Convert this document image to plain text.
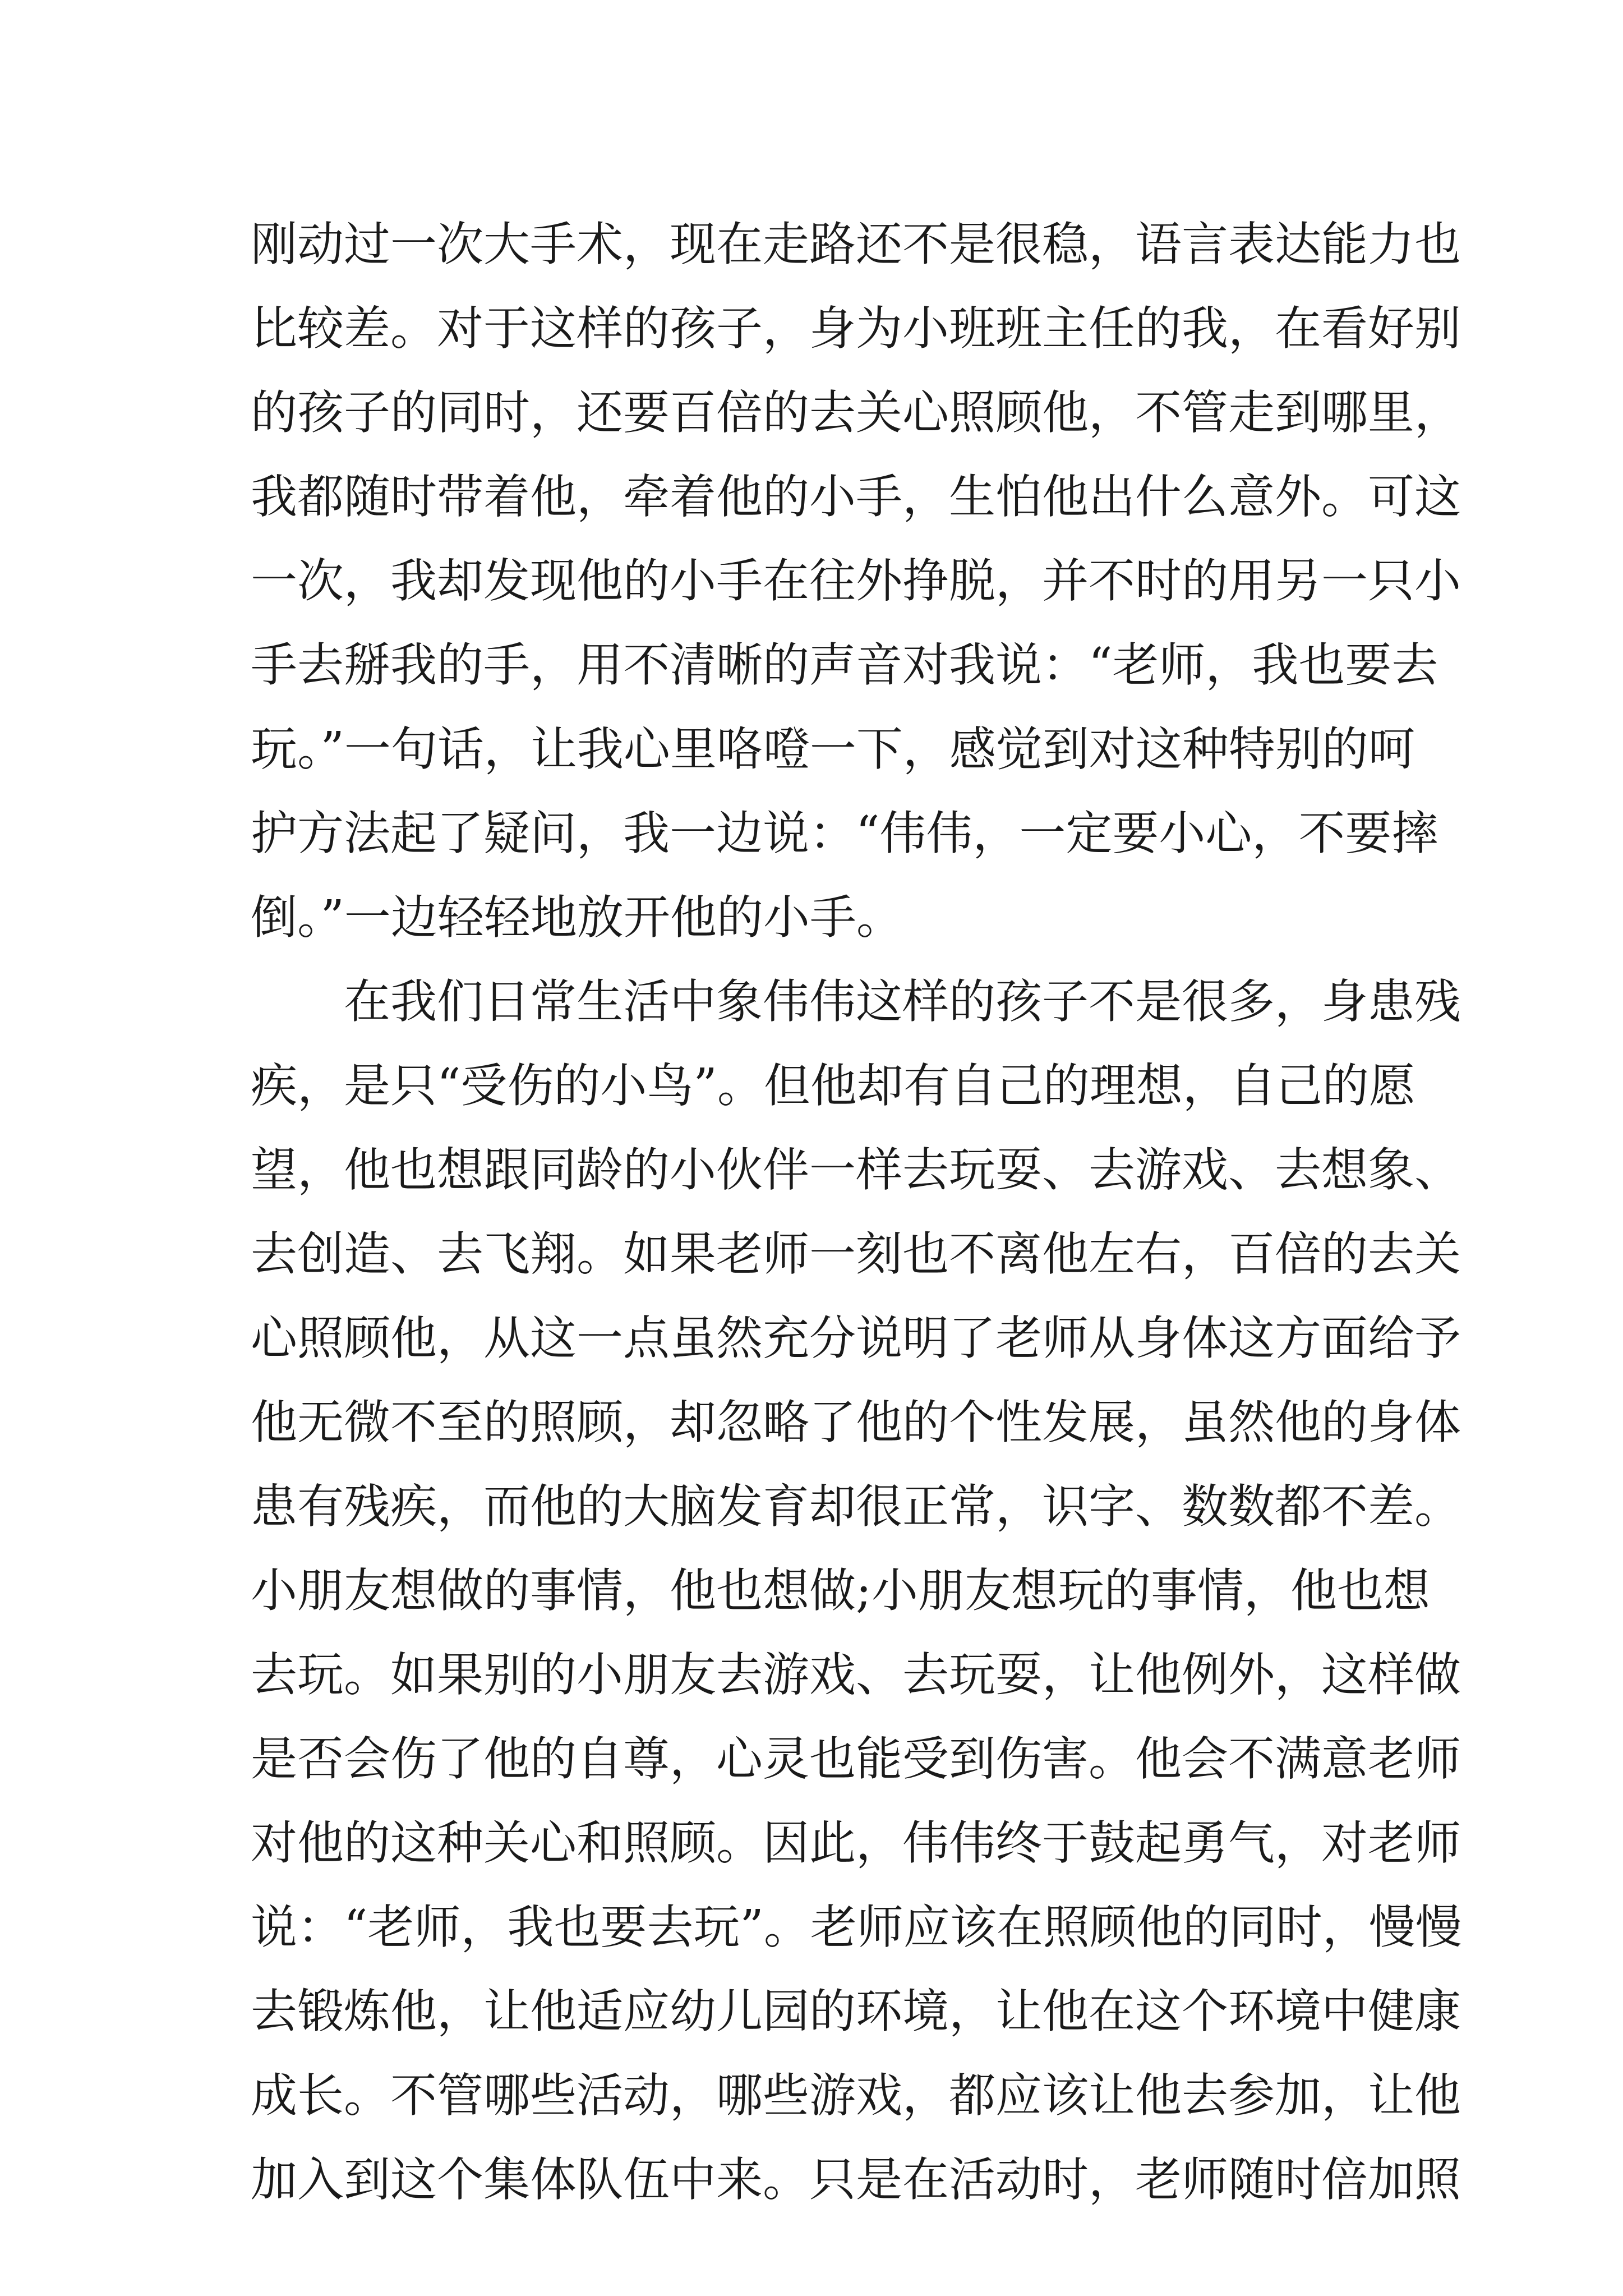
刚动过一次大手术，现在走路还不是很稳，语言表达能力也
比较差。对于这样的孩子，身为小班班主任的我，在看好别
的孩子的同时，还要百倍的去关心照顾他，不管走到哪里，
我都随时带着他，牵着他的小手，生怕他出什么意外。可这
一次，我却发现他的小手在往外挣脱，并不时的用另一只小
手去掰我的手，用不清晰的声音对我说：“老师，我也要去
玩。”一句话，让我心里咯噔一下，感觉到对这种特别的呵
护方法起了疑问，我一边说：“伟伟，一定要小心，不要摔
倒。”一边轻轻地放开他的小手。
在我们日常生活中象伟伟这样的孩子不是很多，身患残
疾，是只“受伤的小鸟”。但他却有自己的理想，自己的愿
望，他也想跟同龄的小伙伴一样去玩耍、去游戏、去想象、
去创造、去飞翔。如果老师一刻也不离他左右，百倍的去关
心照顾他，从这一点虽然充分说明了老师从身体这方面给予
他无微不至的照顾，却忽略了他的个性发展，虽然他的身体
患有残疾，而他的大脑发育却很正常，识字、数数都不差。
小朋友想做的事情，他也想做;小朋友想玩的事情，他也想
去玩。如果别的小朋友去游戏、去玩耍，让他例外，这样做
是否会伤了他的自尊，心灵也能受到伤害。他会不满意老师
对他的这种关心和照顾。因此，伟伟终于鼓起勇气，对老师
说：“老师，我也要去玩”。老师应该在照顾他的同时，慢慢
去锻炼他，让他适应幼儿园的环境，让他在这个环境中健康
成长。不管哪些活动，哪些游戏，都应该让他去参加，让他
加入到这个集体队伍中来。只是在活动时，老师随时倍加照
